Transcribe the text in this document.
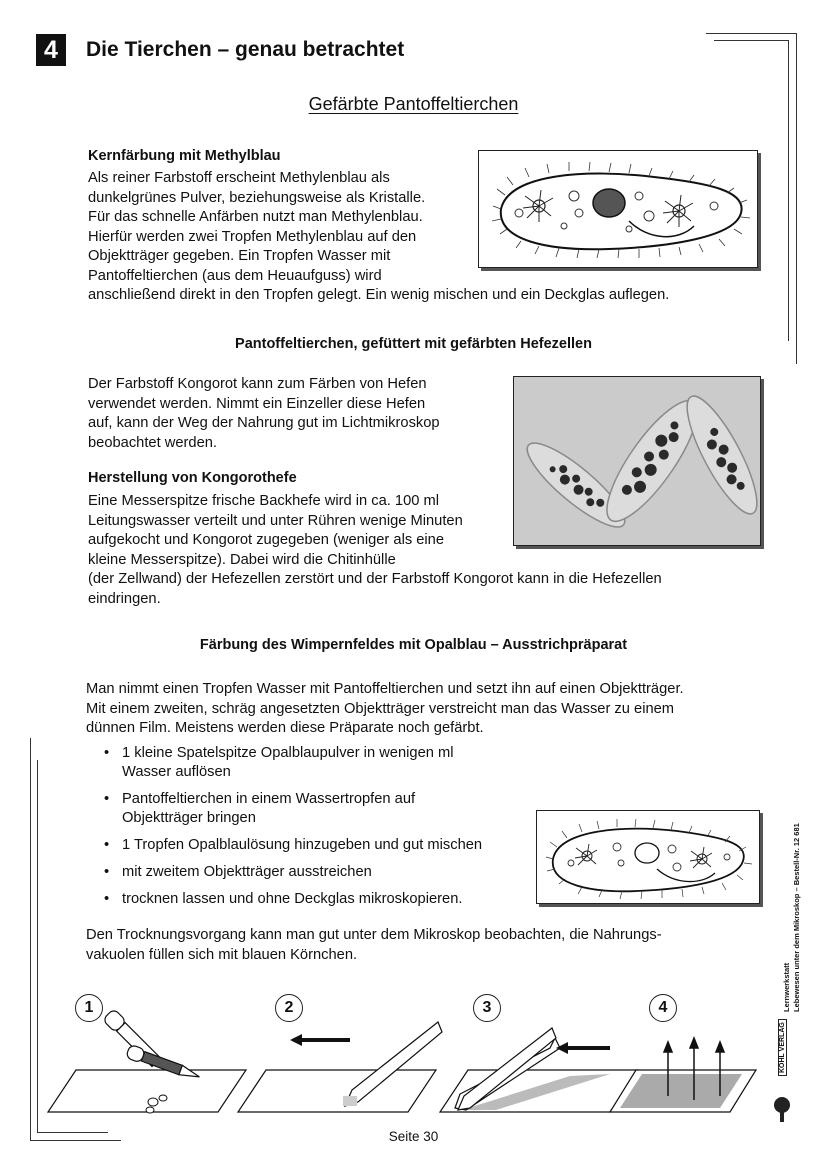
4	Die Tierchen – genau betrachtet
Gefärbte Pantoffeltierchen
Kernfärbung mit Methylblau
Als reiner Farbstoff erscheint Methylenblau als
dunkelgrünes Pulver, beziehungsweise als Kristalle.
Für das schnelle Anfärben nutzt man Methylenblau.
Hierfür werden zwei Tropfen Methylenblau auf den
Objektträger gegeben. Ein Tropfen Wasser mit
Pantoffeltierchen (aus dem Heuaufguss) wird
anschließend direkt in den Tropfen gelegt. Ein wenig mischen und ein Deckglas auflegen.
Pantoffeltierchen, gefüttert mit gefärbten Hefezellen
Der Farbstoff Kongorot kann zum Färben von Hefen
verwendet werden. Nimmt ein Einzeller diese Hefen
auf, kann der Weg der Nahrung gut im Lichtmikroskop
beobachtet werden.
Herstellung von Kongorothefe
Eine Messerspitze frische Backhefe wird in ca. 100 ml
Leitungswasser verteilt und unter Rühren wenige Minuten
aufgekocht und Kongorot zugegeben (weniger als eine
kleine Messerspitze). Dabei wird die Chitinhülle
(der Zellwand) der Hefezellen zerstört und der Farbstoff Kongorot kann in die Hefezellen
eindringen.
Färbung des Wimpernfeldes mit Opalblau – Ausstrichpräparat
Man nimmt einen Tropfen Wasser mit Pantoffeltierchen und setzt ihn auf einen Objektträger.
Mit einem zweiten, schräg angesetzten Objektträger verstreicht man das Wasser zu einem
dünnen Film. Meistens werden diese Präparate noch gefärbt.
• 1 kleine Spatelspitze Opalblaupulver in wenigen ml
Wasser auflösen
• Pantoffeltierchen in einem Wassertropfen auf
Objektträger bringen
• 1 Tropfen Opalblaulösung hinzugeben und gut mischen
• mit zweitem Objektträger ausstreichen
• trocknen lassen und ohne Deckglas mikroskopieren.
Den Trocknungsvorgang kann man gut unter dem Mikroskop beobachten, die Nahrungs-
vakuolen füllen sich mit blauen Körnchen.
1	2	3	4	Lernwerkstatt Lebewesen unter dem Mikroskop – Bestell-Nr. 12 681
KOHL VERLAG
Seite 30
